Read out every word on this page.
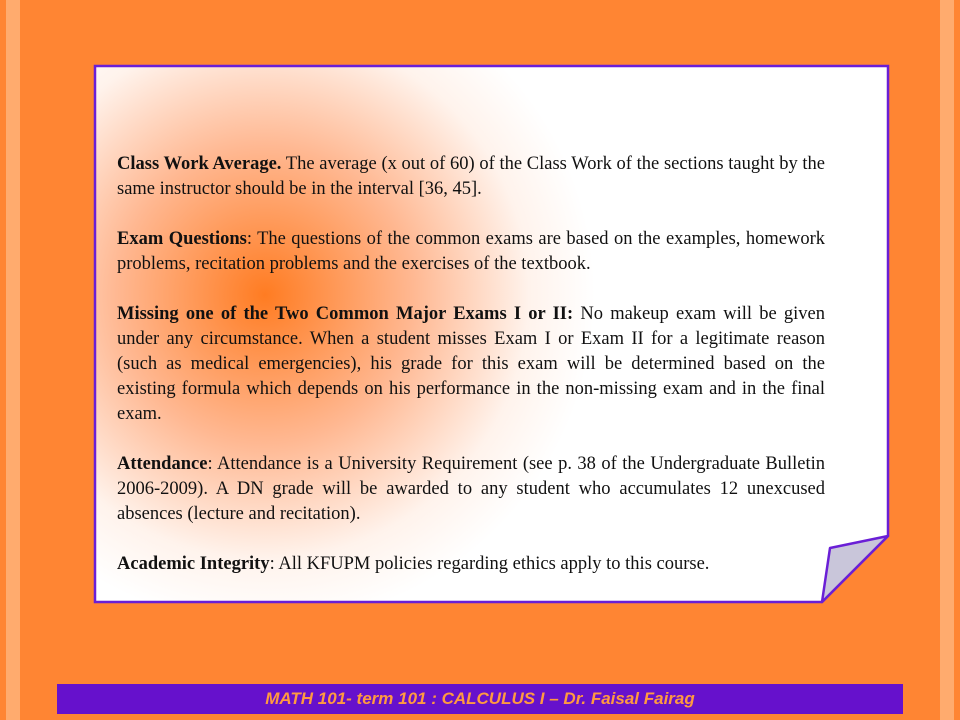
Class Work Average. The average (x out of 60) of the Class Work of the sections taught by the same instructor should be in the interval [36, 45].

Exam Questions: The questions of the common exams are based on the examples, homework problems, recitation problems and the exercises of the textbook.

Missing one of the Two Common Major Exams I or II: No makeup exam will be given under any circumstance. When a student misses Exam I or Exam II for a legitimate reason (such as medical emergencies), his grade for this exam will be determined based on the existing formula which depends on his performance in the non-missing exam and in the final exam.

Attendance: Attendance is a University Requirement (see p. 38 of the Undergraduate Bulletin 2006-2009). A DN grade will be awarded to any student who accumulates 12 unexcused absences (lecture and recitation).

Academic Integrity: All KFUPM policies regarding ethics apply to this course.

MATH 101- term 101 : CALCULUS I – Dr. Faisal Fairag
